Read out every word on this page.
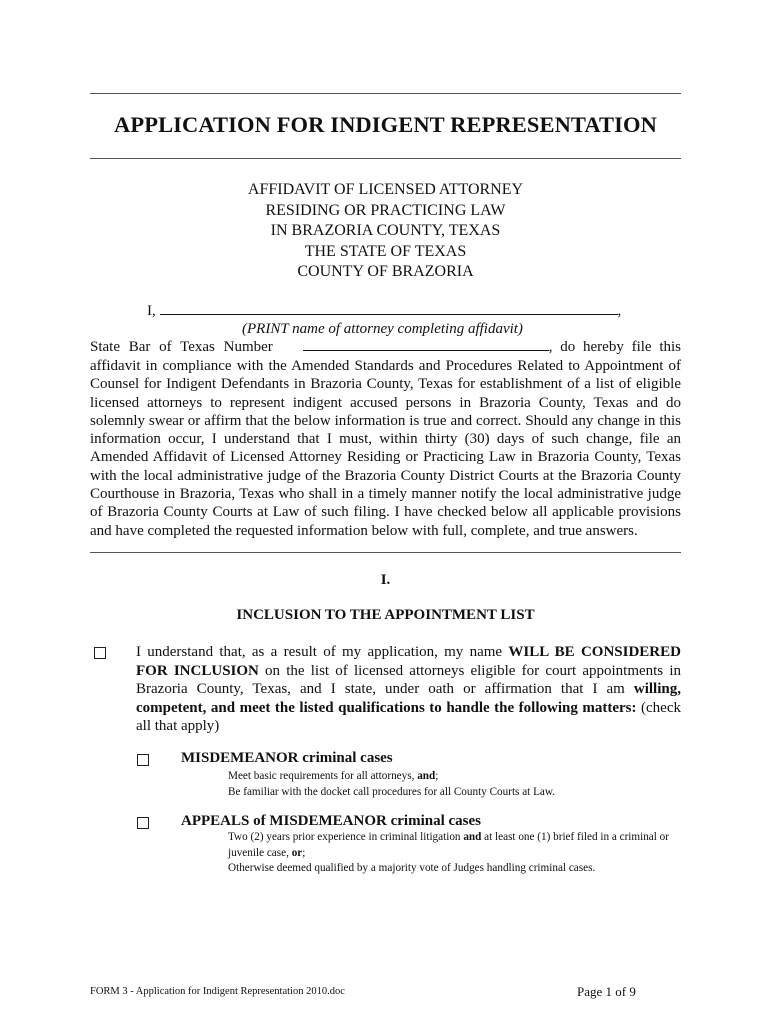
APPLICATION FOR INDIGENT REPRESENTATION
AFFIDAVIT OF LICENSED ATTORNEY
RESIDING OR PRACTICING LAW
IN BRAZORIA COUNTY, TEXAS
THE STATE OF TEXAS
COUNTY OF BRAZORIA
I,	,
(PRINT name of attorney completing affidavit)
State Bar of Texas Number	, do hereby file this
affidavit in compliance with the Amended Standards and Procedures Related to Appointment of Counsel for Indigent Defendants in Brazoria County, Texas for establishment of a list of eligible licensed attorneys to represent indigent accused persons in Brazoria County, Texas and do solemnly swear or affirm that the below information is true and correct. Should any change in this information occur, I understand that I must, within thirty (30) days of such change, file an Amended Affidavit of Licensed Attorney Residing or Practicing Law in Brazoria County, Texas with the local administrative judge of the Brazoria County District Courts at the Brazoria County Courthouse in Brazoria, Texas who shall in a timely manner notify the local administrative judge of Brazoria County Courts at Law of such filing. I have checked below all applicable provisions and have completed the requested information below with full, complete, and true answers.
I.
INCLUSION TO THE APPOINTMENT LIST
I understand that, as a result of my application, my name WILL BE CONSIDERED FOR INCLUSION on the list of licensed attorneys eligible for court appointments in Brazoria County, Texas, and I state, under oath or affirmation that I am willing, competent, and meet the listed qualifications to handle the following matters: (check all that apply)
MISDEMEANOR criminal cases
Meet basic requirements for all attorneys, and;
Be familiar with the docket call procedures for all County Courts at Law.
APPEALS of MISDEMEANOR criminal cases
Two (2) years prior experience in criminal litigation and at least one (1) brief filed in a criminal or juvenile case, or;
Otherwise deemed qualified by a majority vote of Judges handling criminal cases.
FORM 3 - Application for Indigent Representation 2010.doc	Page 1 of 9
